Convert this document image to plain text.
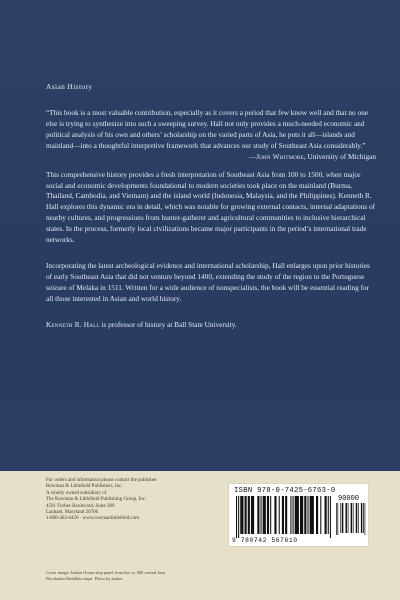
Asian History

“This book is a most valuable contribution, especially as it covers a period that few know well and that no one else is trying to synthesize into such a sweeping survey. Hall not only provides a much-needed economic and political analysis of his own and others’ scholarship on the varied parts of Asia, he puts it all—islands and mainland—into a thoughtful interpretive framework that advances our study of Southeast Asia considerably.”
—John Whitmore, University of Michigan

This comprehensive history provides a fresh interpretation of Southeast Asia from 100 to 1500, when major social and economic developments foundational to modern societies took place on the mainland (Burma, Thailand, Cambodia, and Vietnam) and the island world (Indonesia, Malaysia, and the Philippines). Kenneth R. Hall explores this dynamic era in detail, which was notable for growing external contacts, internal adaptations of nearby cultures, and progressions from hunter-gatherer and agricultural communities to inclusive hierarchical states. In the process, formerly local civilizations became major participants in the period’s international trade networks.

Incorporating the latest archeological evidence and international scholarship, Hall enlarges upon prior histories of early Southeast Asia that did not venture beyond 1400, extending the study of the region to the Portuguese seizure of Melaka in 1511. Written for a wide audience of nonspecialists, the book will be essential reading for all those interested in Asian and world history.

Kenneth R. Hall is professor of history at Ball State University.

For orders and information please contact the publisher
Rowman & Littlefield Publishers, Inc.
A wholly owned subsidiary of
The Rowman & Littlefield Publishing Group, Inc.
4501 Forbes Boulevard, Suite 200
Lanham, Maryland 20706
1-800-462-6420 · www.rowmanlittlefield.com

Cover image: Indian Ocean ship panel from the ca. 800 central Java Borobudur Buddhist stupa. Photo by author.

ISBN 978-0-7425-6763-0
90000
9 780742 567610
